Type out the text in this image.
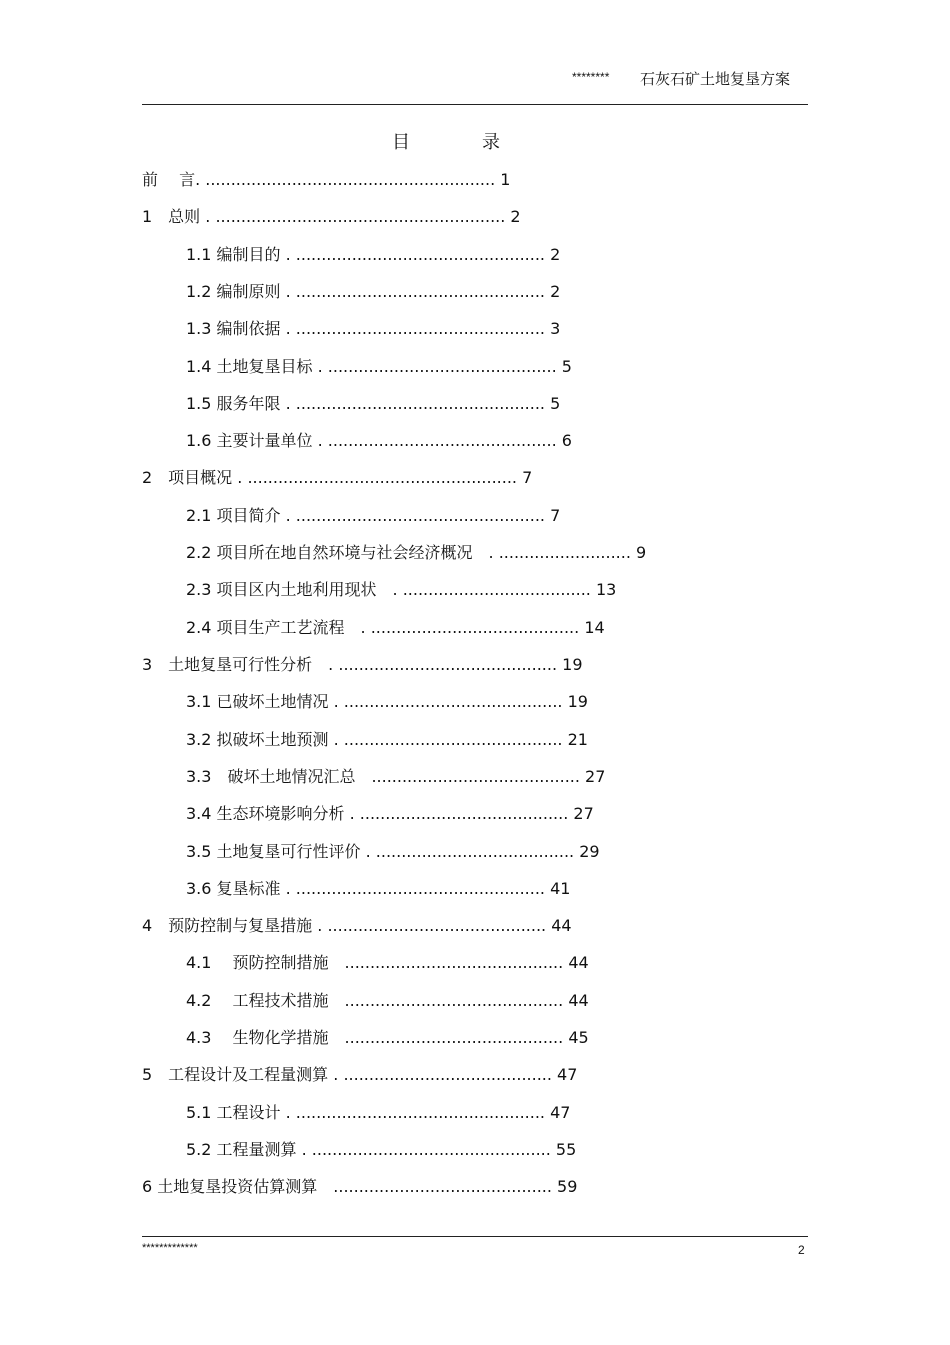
******** 石灰石矿土地复垦方案
目	录
前　 言. ......................................................... 1
1　总则 . ......................................................... 2
1.1 编制目的 . ................................................. 2
1.2 编制原则 . ................................................. 2
1.3 编制依据 . ................................................. 3
1.4 土地复垦目标 . ............................................. 5
1.5 服务年限 . ................................................. 5
1.6 主要计量单位 . ............................................. 6
2　项目概况 . ..................................................... 7
2.1 项目简介 . ................................................. 7
2.2 项目所在地自然环境与社会经济概况　. .......................... 9
2.3 项目区内土地利用现状　. ..................................... 13
2.4 项目生产工艺流程　. ......................................... 14
3　土地复垦可行性分析　. ........................................... 19
3.1 已破坏土地情况 . ........................................... 19
3.2 拟破坏土地预测 . ........................................... 21
3.3　破坏土地情况汇总　......................................... 27
3.4 生态环境影响分析 . ......................................... 27
3.5 土地复垦可行性评价 . ....................................... 29
3.6 复垦标准 . ................................................. 41
4　预防控制与复垦措施 . ........................................... 44
4.1　 预防控制措施　........................................... 44
4.2　 工程技术措施　........................................... 44
4.3　 生物化学措施　........................................... 45
5　工程设计及工程量测算 . ......................................... 47
5.1 工程设计 . ................................................. 47
5.2 工程量测算 . ............................................... 55
6 土地复垦投资估算测算　........................................... 59
*************	2
